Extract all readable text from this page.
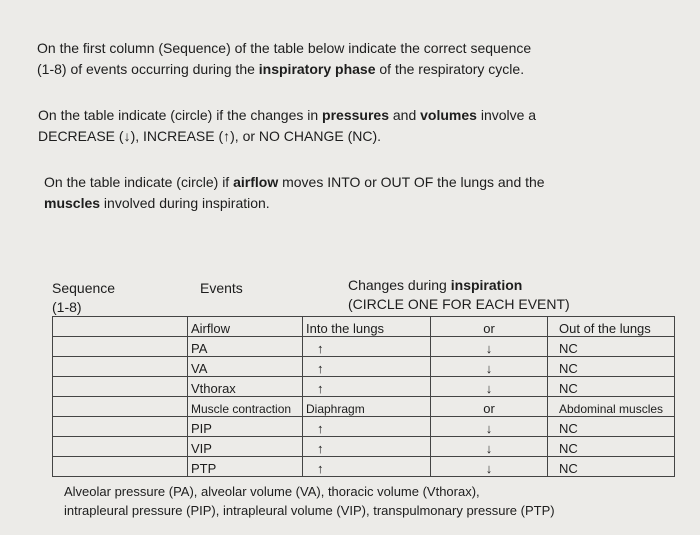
On the first column (Sequence) of the table below indicate the correct sequence
(1-8) of events occurring during the inspiratory phase of the respiratory cycle.
On the table indicate (circle) if the changes in pressures and volumes involve a
DECREASE (↓), INCREASE (↑), or NO CHANGE (NC).
On the table indicate (circle) if airflow moves INTO or OUT OF the lungs and the
muscles involved during inspiration.
Sequence
(1-8)
Events	Changes during inspiration
(CIRCLE ONE FOR EACH EVENT)
	Airflow	Into the lungs	or	Out of the lungs
	PA	↑	↓	NC
	VA	↑	↓	NC
	Vthorax	↑	↓	NC
	Muscle contraction	Diaphragm	or	Abdominal muscles
	PIP	↑	↓	NC
	VIP	↑	↓	NC
	PTP	↑	↓	NC
Alveolar pressure (PA), alveolar volume (VA), thoracic volume (Vthorax),
intrapleural pressure (PIP), intrapleural volume (VIP), transpulmonary pressure (PTP)
